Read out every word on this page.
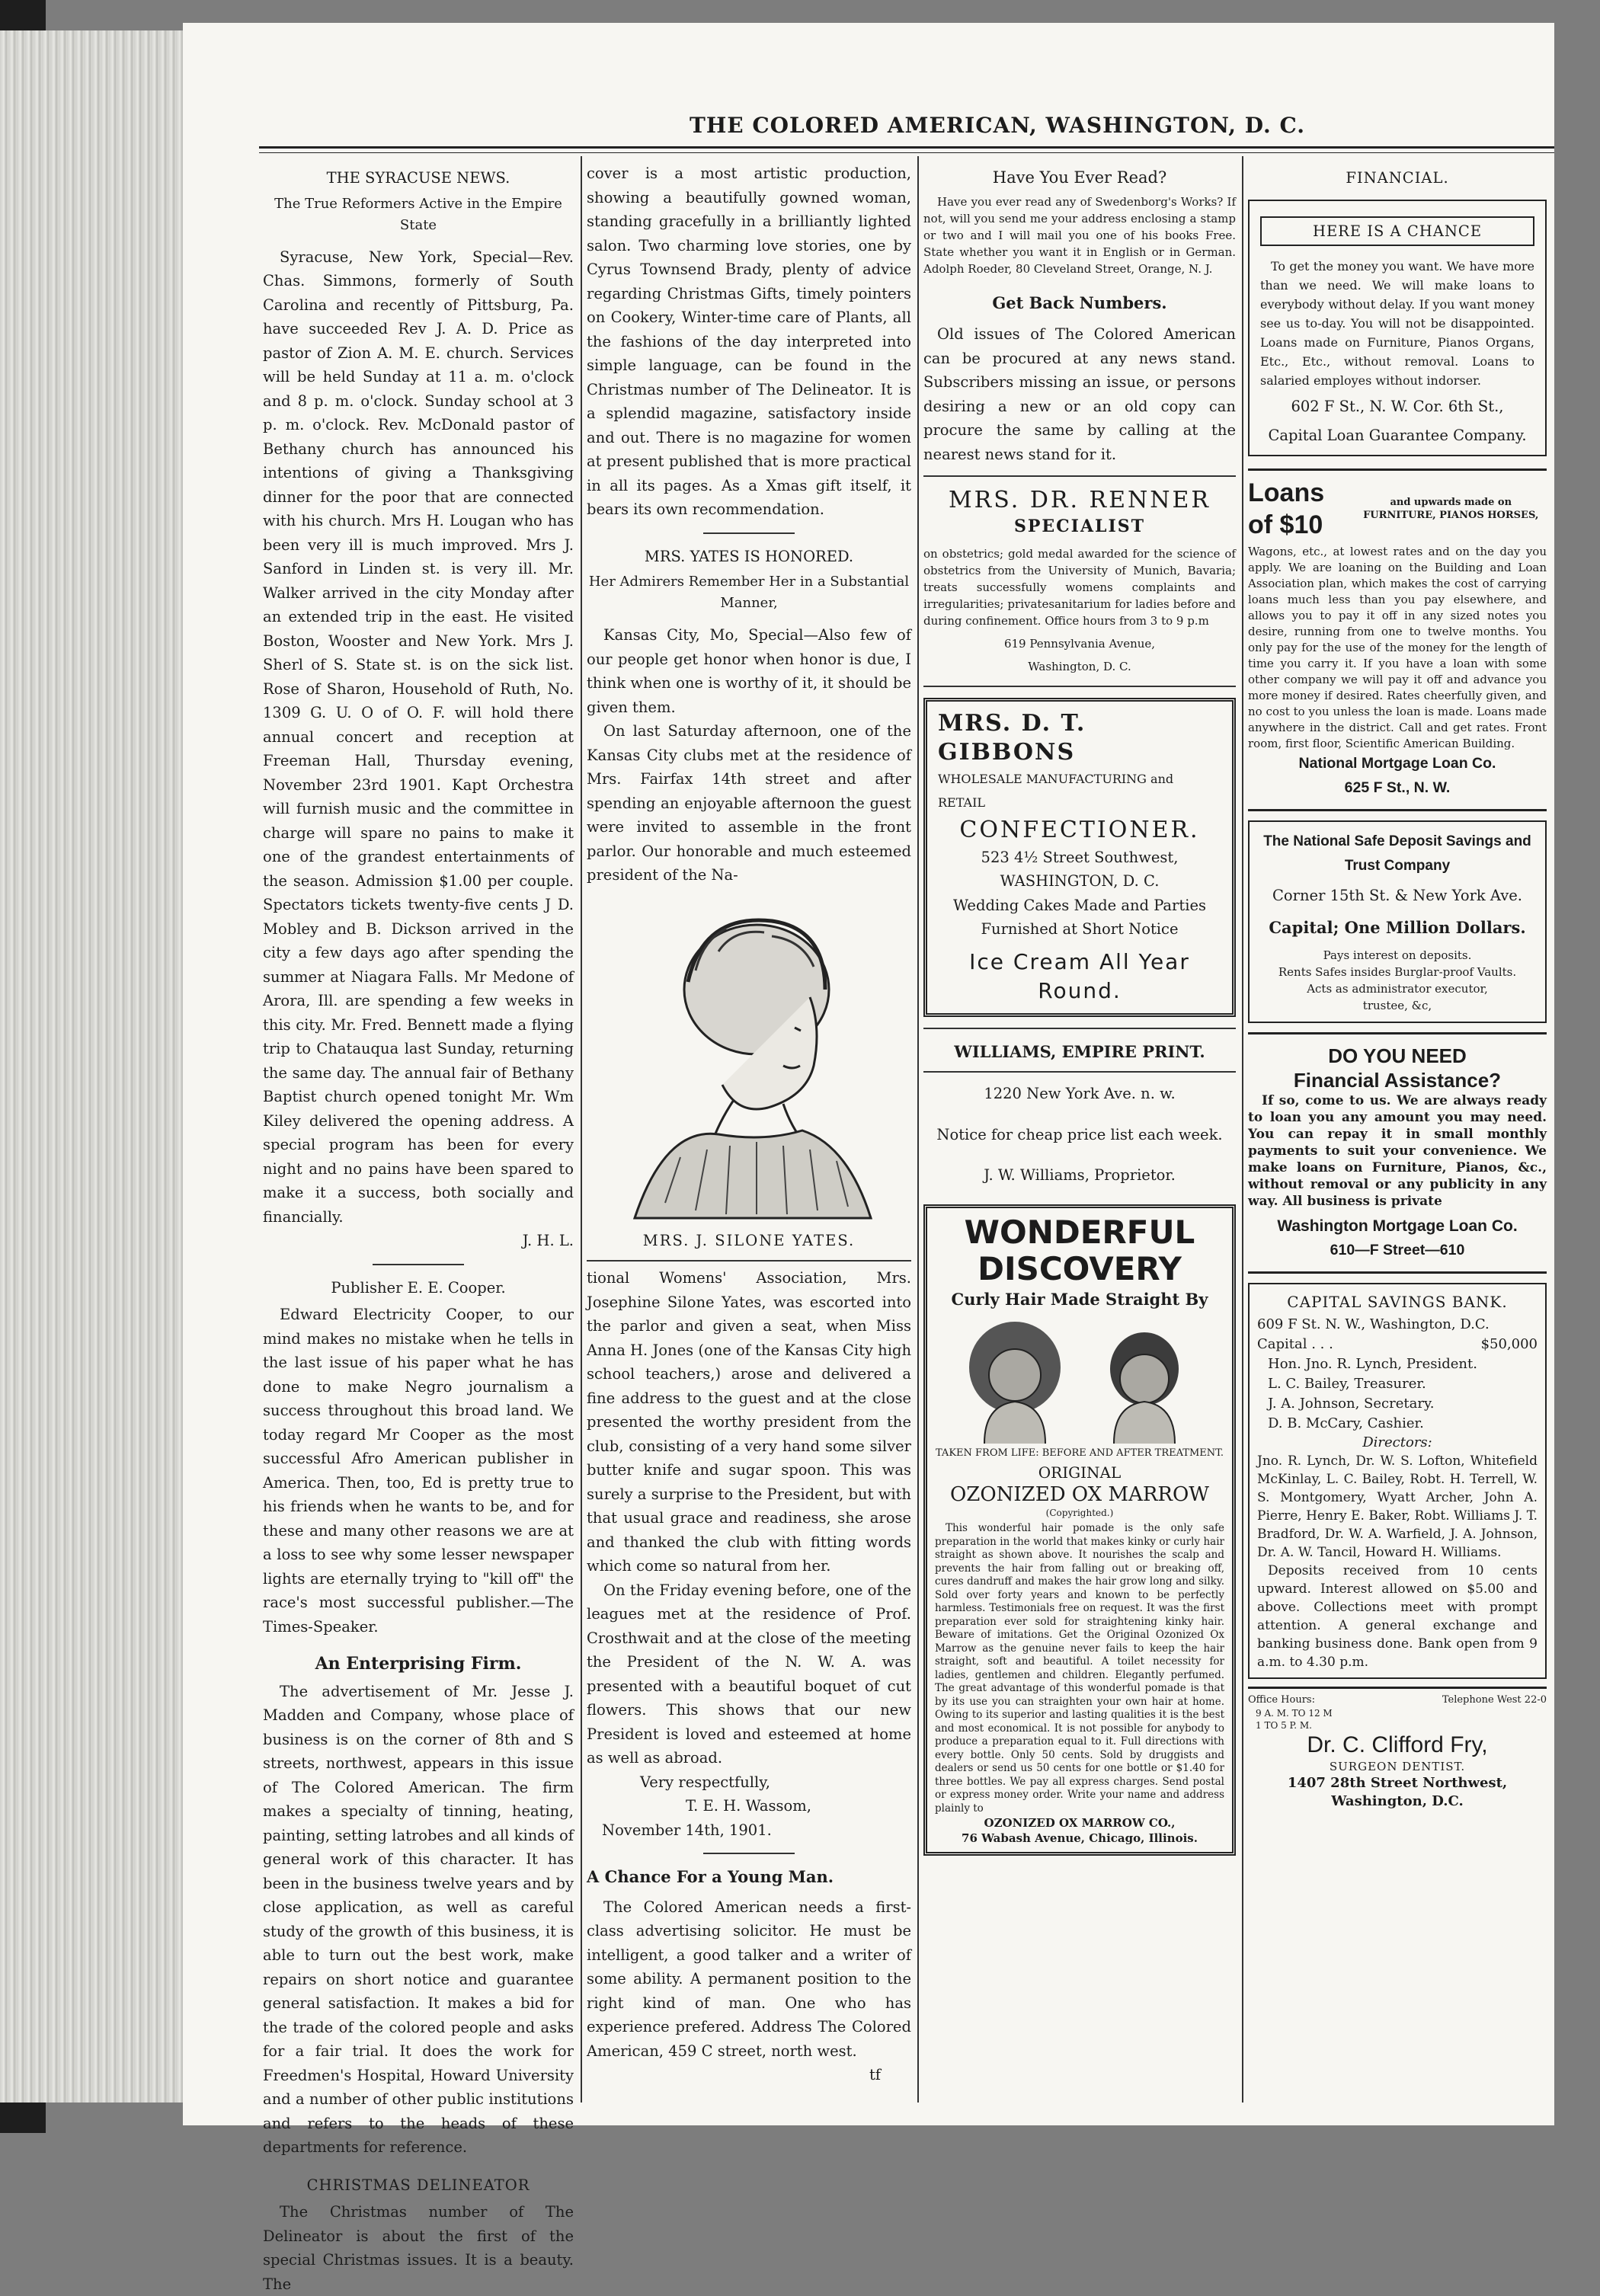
THE COLORED AMERICAN, WASHINGTON, D. C.
THE SYRACUSE NEWS.
The True Reformers Active in the Empire State

Syracuse, New York, Special—Rev. Chas. Simmons, formerly of South Carolina and recently of Pittsburg, Pa. have succeeded Rev J. A. D. Price as pastor of Zion A. M. E. church. Services will be held Sunday at 11 a. m. o'clock and 8 p. m. o'clock. Sunday school at 3 p. m. o'clock. Rev. McDonald pastor of Bethany church has announced his intentions of giving a Thanksgiving dinner for the poor that are connected with his church. Mrs H. Lougan who has been very ill is much improved. Mrs J. Sanford in Linden st. is very ill. Mr. Walker arrived in the city Monday after an extended trip in the east. He visited Boston, Wooster and New York. Mrs J. Sherl of S. State st. is on the sick list. Rose of Sharon, Household of Ruth, No. 1309 G. U. O of O. F. will hold there annual concert and reception at Freeman Hall, Thursday evening, November 23rd 1901. Kapt Orchestra will furnish music and the committee in charge will spare no pains to make it one of the grandest entertainments of the season. Admission $1.00 per couple. Spectators tickets twenty-five cents J D. Mobley and B. Dickson arrived in the city a few days ago after spending the summer at Niagara Falls. Mr Medone of Arora, Ill. are spending a few weeks in this city. Mr. Fred. Bennett made a flying trip to Chatauqua last Sunday, returning the same day. The annual fair of Bethany Baptist church opened tonight Mr. Wm Kiley delivered the opening address. A special program has been for every night and no pains have been spared to make it a success, both socially and financially.

J. H. L.
Publisher E. E. Cooper.

Edward Electricity Cooper, to our mind makes no mistake when he tells in the last issue of his paper what he has done to make Negro journalism a success throughout this broad land. We today regard Mr Cooper as the most successful Afro American publisher in America. Then, too, Ed is pretty true to his friends when he wants to be, and for these and many other reasons we are at a loss to see why some lesser newspaper lights are eternally trying to "kill off" the race's most successful publisher.—The Times-Speaker.

An Enterprising Firm.

The advertisement of Mr. Jesse J. Madden and Company, whose place of business is on the corner of 8th and S streets, northwest, appears in this issue of The Colored American. The firm makes a specialty of tinning, heating, painting, setting latrobes and all kinds of general work of this character. It has been in the business twelve years and by close application, as well as careful study of the growth of this business, it is able to turn out the best work, make repairs on short notice and guarantee general satisfaction. It makes a bid for the trade of the colored people and asks for a fair trial. It does the work for Freedmen's Hospital, Howard University and a number of other public institutions and refers to the heads of these departments for reference.

CHRISTMAS DELINEATOR

The Christmas number of The Delineator is about the first of the special Christmas issues. It is a beauty. The

cover is a most artistic production, showing a beautifully gowned woman, standing gracefully in a brilliantly lighted salon. Two charming love stories, one by Cyrus Townsend Brady, plenty of advice regarding Christmas Gifts, timely pointers on Cookery, Winter-time care of Plants, all the fashions of the day interpreted into simple language, can be found in the Christmas number of The Delineator. It is a splendid magazine, satisfactory inside and out. There is no magazine for women at present published that is more practical in all its pages. As a Xmas gift itself, it bears its own recommendation.

MRS. YATES IS HONORED.
Her Admirers Remember Her in a Substantial Manner,

Kansas City, Mo, Special—Also few of our people get honor when honor is due, I think when one is worthy of it, it should be given them.

On last Saturday afternoon, one of the Kansas City clubs met at the residence of Mrs. Fairfax 14th street and after spending an enjoyable afternoon the guest were invited to assemble in the front parlor. Our honorable and much esteemed president of the Na-

MRS. J. SILONE YATES.

tional Womens' Association, Mrs. Josephine Silone Yates, was escorted into the parlor and given a seat, when Miss Anna H. Jones (one of the Kansas City high school teachers,) arose and delivered a fine address to the guest and at the close presented the worthy president from the club, consisting of a very hand some silver butter knife and sugar spoon. This was surely a surprise to the President, but with that usual grace and readiness, she arose and thanked the club with fitting words which come so natural from her.

On the Friday evening before, one of the leagues met at the residence of Prof. Crosthwait and at the close of the meeting the President of the N. W. A. was presented with a beautiful boquet of cut flowers. This shows that our new President is loved and esteemed at home as well as abroad.

Very respectfully,
T. E. H. Wassom,
November 14th, 1901.
A Chance For a Young Man.

The Colored American needs a first-class advertising solicitor. He must be intelligent, a good talker and a writer of some ability. A permanent position to the right kind of man. One who has experience prefered. Address The Colored American, 459 C street, north west.

tf
Have You Ever Read?

Have you ever read any of Swedenborg's Works? If not, will you send me your address enclosing a stamp or two and I will mail you one of his books Free. State whether you want it in English or in German. Adolph Roeder, 80 Cleveland Street, Orange, N. J.

Get Back Numbers.

Old issues of The Colored American can be procured at any news stand. Subscribers missing an issue, or persons desiring a new or an old copy can procure the same by calling at the nearest news stand for it.

MRS. DR. RENNER
SPECIALIST

on obstetrics; gold medal awarded for the science of obstetrics from the University of Munich, Bavaria; treats successfully womens complaints and irregularities; privatesanitarium for ladies before and during confinement. Office hours from 3 to 9 p.m

619 Pennsylvania Avenue,
Washington, D. C.
MRS. D. T. GIBBONS
WHOLESALE MANUFACTURING and RETAIL
CONFECTIONER.
523 4½ Street Southwest,
WASHINGTON, D. C.
Wedding Cakes Made and Parties Furnished at Short Notice
Ice Cream All Year Round.
WILLIAMS, EMPIRE PRINT.
1220 New York Ave. n. w.
Notice for cheap price list each week.
J. W. Williams, Proprietor.
WONDERFUL
DISCOVERY
Curly Hair Made Straight By
TAKEN FROM LIFE: BEFORE AND AFTER TREATMENT.
ORIGINAL
OZONIZED OX MARROW
(Copyrighted.)

This wonderful hair pomade is the only safe preparation in the world that makes kinky or curly hair straight as shown above. It nourishes the scalp and prevents the hair from falling out or breaking off, cures dandruff and makes the hair grow long and silky. Sold over forty years and known to be perfectly harmless. Testimonials free on request. It was the first preparation ever sold for straightening kinky hair. Beware of imitations. Get the Original Ozonized Ox Marrow as the genuine never fails to keep the hair straight, soft and beautiful. A toilet necessity for ladies, gentlemen and children. Elegantly perfumed. The great advantage of this wonderful pomade is that by its use you can straighten your own hair at home. Owing to its superior and lasting qualities it is the best and most economical. It is not possible for anybody to produce a preparation equal to it. Full directions with every bottle. Only 50 cents. Sold by druggists and dealers or send us 50 cents for one bottle or $1.40 for three bottles. We pay all express charges. Send postal or express money order. Write your name and address plainly to

OZONIZED OX MARROW CO.,
76 Wabash Avenue, Chicago, Illinois.
FINANCIAL.
HERE IS A CHANCE

To get the money you want. We have more than we need. We will make loans to everybody without delay. If you want money see us to-day. You will not be disappointed. Loans made on Furniture, Pianos Organs, Etc., Etc., without removal. Loans to salaried employes without indorser.

602 F St., N. W. Cor. 6th St.,
Capital Loan Guarantee Company.
Loans of $10
and upwards made on FURNITURE, PIANOS HORSES,

Wagons, etc., at lowest rates and on the day you apply. We are loaning on the Building and Loan Association plan, which makes the cost of carrying loans much less than you pay elsewhere, and allows you to pay it off in any sized notes you desire, running from one to twelve months. You only pay for the use of the money for the length of time you carry it. If you have a loan with some other company we will pay it off and advance you more money if desired. Rates cheerfully given, and no cost to you unless the loan is made. Loans made anywhere in the district. Call and get rates. Front room, first floor, Scientific American Building.

National Mortgage Loan Co.
625 F St., N. W.
The National Safe Deposit Savings and Trust Company
Corner 15th St. & New York Ave.
Capital; One Million Dollars.
Pays interest on deposits.
Rents Safes insides Burglar-proof Vaults.
Acts as administrator executor,
trustee, &c,
DO YOU NEED
Financial Assistance?

If so, come to us. We are always ready to loan you any amount you may need. You can repay it in small monthly payments to suit your convenience. We make loans on Furniture, Pianos, &c., without removal or any publicity in any way. All business is private

Washington Mortgage Loan Co.
610—F Street—610
CAPITAL SAVINGS BANK.
609 F St. N. W., Washington, D.C.
Capital . . .	$50,000
Hon. Jno. R. Lynch, President.
L. C. Bailey, Treasurer.
J. A. Johnson, Secretary.
D. B. McCary, Cashier.
Directors:

Jno. R. Lynch, Dr. W. S. Lofton, Whitefield McKinlay, L. C. Bailey, Robt. H. Terrell, W. S. Montgomery, Wyatt Archer, John A. Pierre, Henry E. Baker, Robt. Williams J. T. Bradford, Dr. W. A. Warfield, J. A. Johnson, Dr. A. W. Tancil, Howard H. Williams.

Deposits received from 10 cents upward. Interest allowed on $5.00 and above. Collections meet with prompt attention. A general exchange and banking business done. Bank open from 9 a.m. to 4.30 p.m.

Office Hours:	Telephone West 22-0
9 A. M. TO 12 M
1 TO 5 P. M.
Dr. C. Clifford Fry,
SURGEON DENTIST.
1407 28th Street Northwest,
Washington, D.C.
